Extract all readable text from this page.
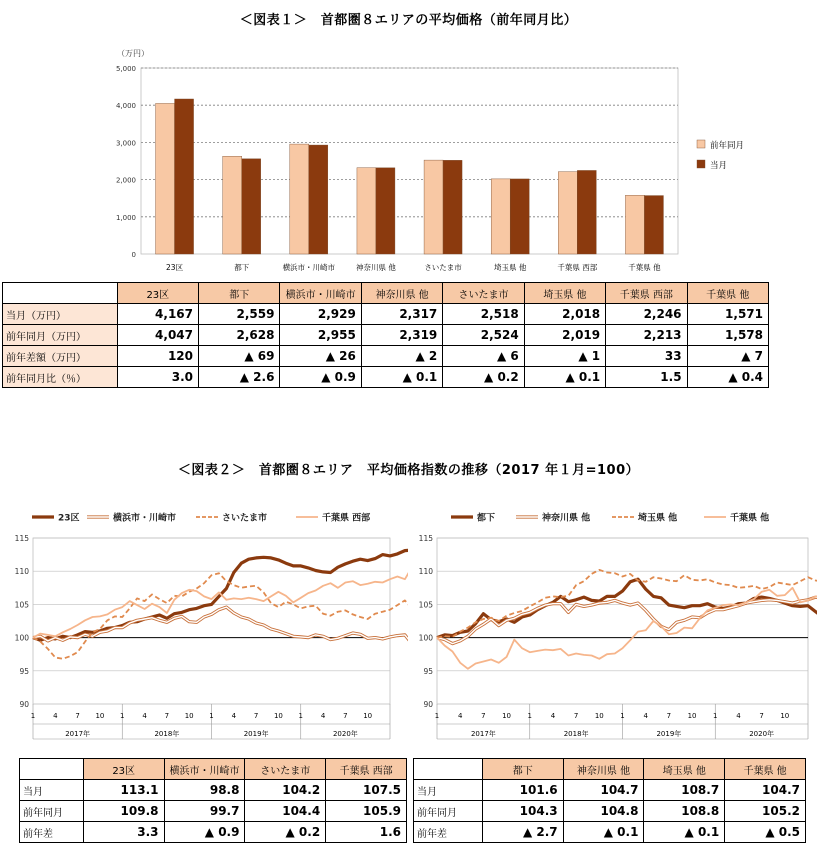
＜図表１＞　首都圏８エリアの平均価格（前年同月比）
（万円）
0
1,000
2,000
3,000
4,000
5,000
23区	都下	横浜市・川崎市	神奈川県 他	さいたま市	埼玉県 他	千葉県 西部	千葉県 他
前年同月
当月
	23区	都下	横浜市・川崎市	神奈川県 他	さいたま市	埼玉県 他	千葉県 西部	千葉県 他
当月（万円）	4,167	2,559	2,929	2,317	2,518	2,018	2,246	1,571
前年同月（万円）	4,047	2,628	2,955	2,319	2,524	2,019	2,213	1,578
前年差額（万円）	120	▲ 69	▲ 26	▲ 2	▲ 6	▲ 1	33	▲ 7
前年同月比（％）	3.0	▲ 2.6	▲ 0.9	▲ 0.1	▲ 0.2	▲ 0.1	1.5	▲ 0.4
＜図表２＞　首都圏８エリア　平均価格指数の推移（2017 年１月=100）
90
95
100
105
110
115
1	4	7 10 1	4	7 10 1	4	7 10 1	4	7 10
2017年	2018年	2019年	2020年
23区	横浜市・川崎市	さいたま市	千葉県 西部
90
95
100
105
110
115
1	4	7 10 1	4	7 10 1	4	7 10 1	4	7 10
2017年	2018年	2019年	2020年
都下	神奈川県 他	埼玉県 他	千葉県 他
	23区	横浜市・川崎市	さいたま市	千葉県 西部
当月	113.1	98.8	104.2	107.5
前年同月	109.8	99.7	104.4	105.9
前年差	3.3	▲ 0.9	▲ 0.2	1.6
	都下	神奈川県 他	埼玉県 他	千葉県 他
当月	101.6	104.7	108.7	104.7
前年同月	104.3	104.8	108.8	105.2
前年差	▲ 2.7	▲ 0.1	▲ 0.1	▲ 0.5
